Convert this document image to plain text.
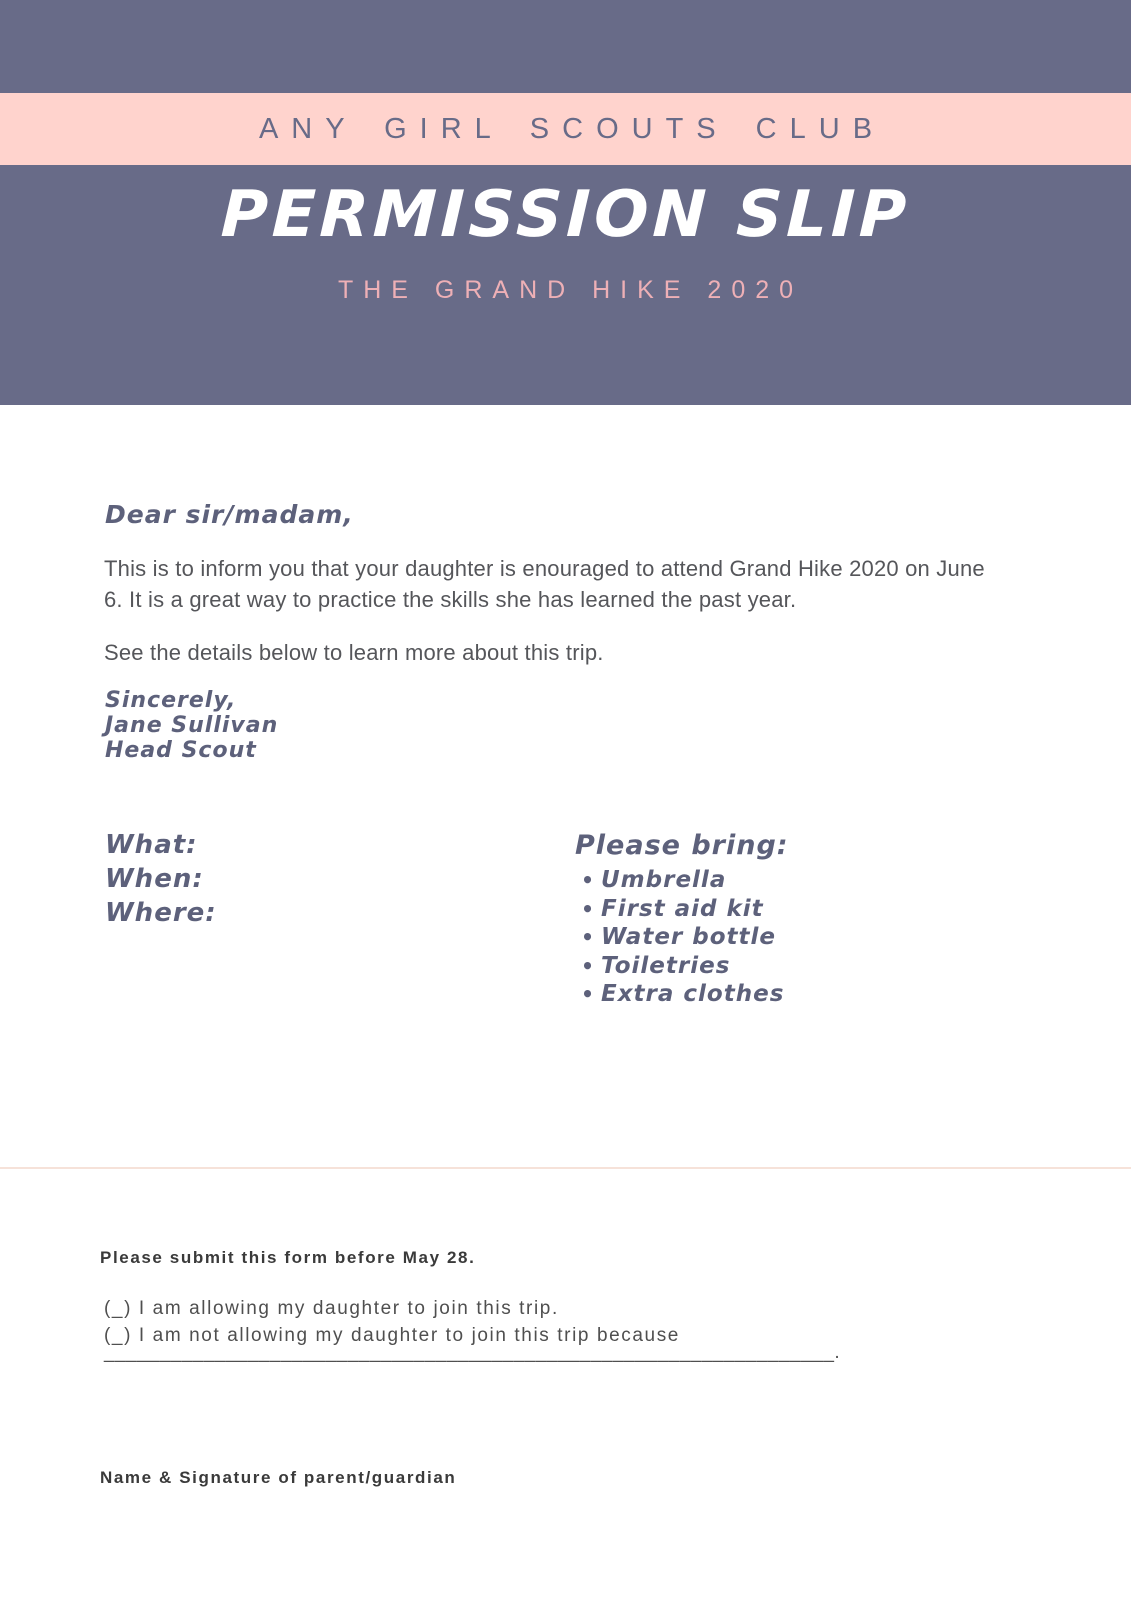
ANY GIRL SCOUTS CLUB
PERMISSION SLIP
THE GRAND HIKE 2020
Dear sir/madam,
This is to inform you that your daughter is enouraged to attend Grand Hike 2020 on June 6. It is a great way to practice the skills she has learned the past year.
See the details below to learn more about this trip.
Sincerely,
Jane Sullivan
Head Scout
What:
When:
Where:
Please bring:
• Umbrella
• First aid kit
• Water bottle
• Toiletries
• Extra clothes
Please submit this form before May 28.
(_) I am allowing my daughter to join this trip.
(_) I am not allowing my daughter to join this trip because
__________________________________________________________________.
Name & Signature of parent/guardian
